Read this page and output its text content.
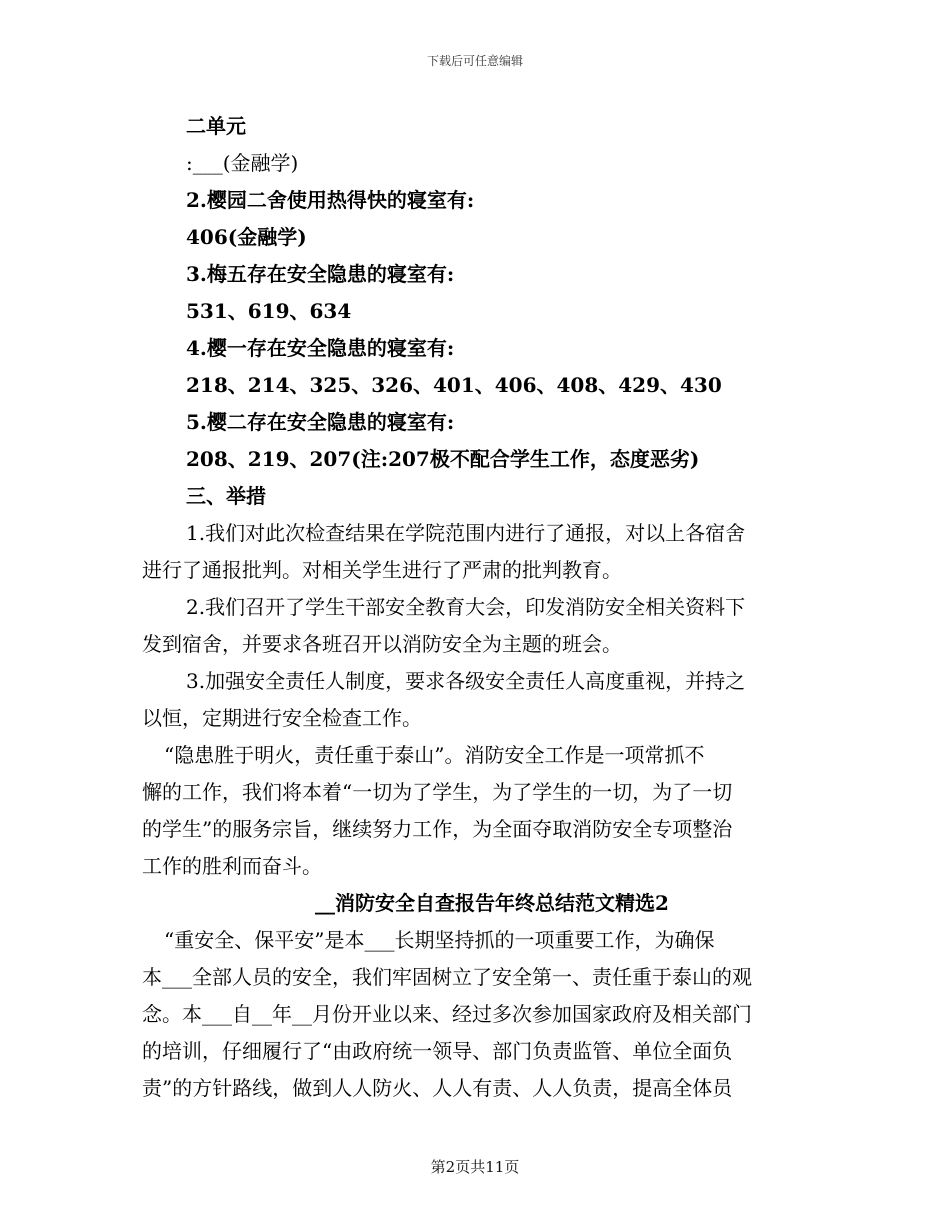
下载后可任意编辑
二单元
:___(金融学)
2.樱园二舍使用热得快的寝室有:
406(金融学)
3.梅五存在安全隐患的寝室有:
531、619、634
4.樱一存在安全隐患的寝室有:
218、214、325、326、401、406、408、429、430
5.樱二存在安全隐患的寝室有:
208、219、207(注:207极不配合学生工作，态度恶劣)
三、举措
1.我们对此次检查结果在学院范围内进行了通报，对以上各宿舍
进行了通报批判。对相关学生进行了严肃的批判教育。
2.我们召开了学生干部安全教育大会，印发消防安全相关资料下
发到宿舍，并要求各班召开以消防安全为主题的班会。
3.加强安全责任人制度，要求各级安全责任人高度重视，并持之
以恒，定期进行安全检查工作。
“隐患胜于明火，责任重于泰山”。消防安全工作是一项常抓不
懈的工作，我们将本着“一切为了学生，为了学生的一切，为了一切
的学生”的服务宗旨，继续努力工作，为全面夺取消防安全专项整治
工作的胜利而奋斗。
__消防安全自查报告年终总结范文精选2
“重安全、保平安”是本___长期坚持抓的一项重要工作，为确保
本___全部人员的安全，我们牢固树立了安全第一、责任重于泰山的观
念。本___自__年__月份开业以来、经过多次参加国家政府及相关部门
的培训，仔细履行了“由政府统一领导、部门负责监管、单位全面负
责”的方针路线，做到人人防火、人人有责、人人负责，提高全体员
第2页共11页
